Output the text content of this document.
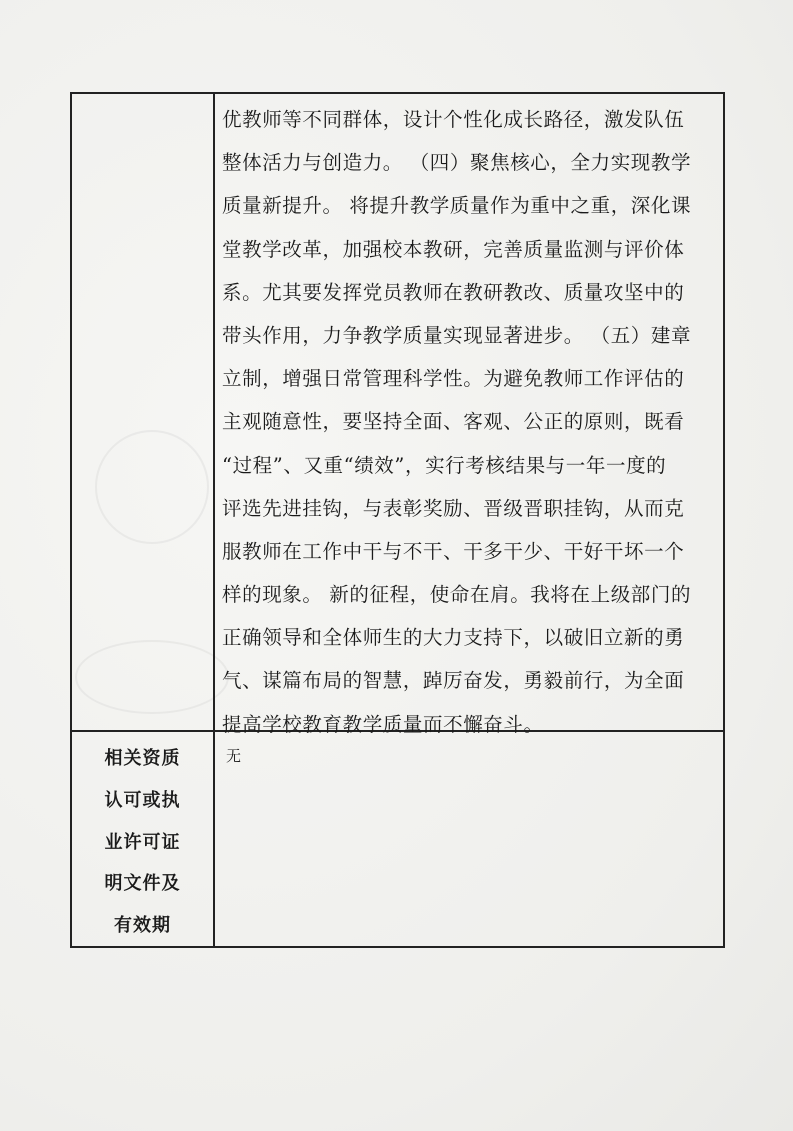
优教师等不同群体，设计个性化成长路径，激发队伍
整体活力与创造力。 （四）聚焦核心，全力实现教学
质量新提升。 将提升教学质量作为重中之重，深化课
堂教学改革，加强校本教研，完善质量监测与评价体
系。尤其要发挥党员教师在教研教改、质量攻坚中的
带头作用，力争教学质量实现显著进步。 （五）建章
立制，增强日常管理科学性。为避免教师工作评估的
主观随意性，要坚持全面、客观、公正的原则，既看
“过程”、又重“绩效”，实行考核结果与一年一度的
评选先进挂钩，与表彰奖励、晋级晋职挂钩，从而克
服教师在工作中干与不干、干多干少、干好干坏一个
样的现象。 新的征程，使命在肩。我将在上级部门的
正确领导和全体师生的大力支持下，以破旧立新的勇
气、谋篇布局的智慧，踔厉奋发，勇毅前行，为全面
提高学校教育教学质量而不懈奋斗。
相关资质
认可或执
业许可证
明文件及
有效期
无
